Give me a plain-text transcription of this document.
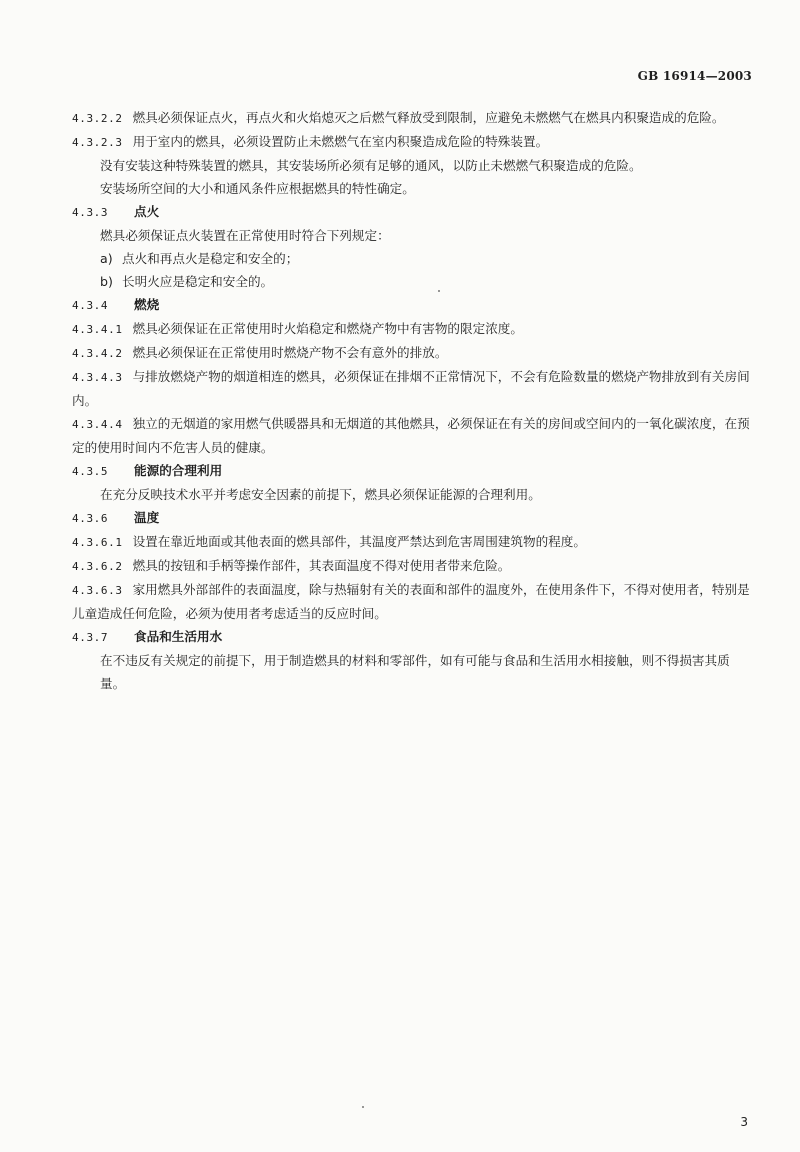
GB 16914—2003

4.3.2.2 燃具必须保证点火，再点火和火焰熄灭之后燃气释放受到限制，应避免未燃燃气在燃具内积聚造成的危险。

4.3.2.3 用于室内的燃具，必须设置防止未燃燃气在室内积聚造成危险的特殊装置。

没有安装这种特殊装置的燃具，其安装场所必须有足够的通风，以防止未燃燃气积聚造成的危险。

安装场所空间的大小和通风条件应根据燃具的特性确定。

4.3.3 点火

燃具必须保证点火装置在正常使用时符合下列规定：

a) 点火和再点火是稳定和安全的；

b) 长明火应是稳定和安全的。

4.3.4 燃烧

4.3.4.1 燃具必须保证在正常使用时火焰稳定和燃烧产物中有害物的限定浓度。

4.3.4.2 燃具必须保证在正常使用时燃烧产物不会有意外的排放。

4.3.4.3 与排放燃烧产物的烟道相连的燃具，必须保证在排烟不正常情况下，不会有危险数量的燃烧产物排放到有关房间内。

4.3.4.4 独立的无烟道的家用燃气供暖器具和无烟道的其他燃具，必须保证在有关的房间或空间内的一氧化碳浓度，在预定的使用时间内不危害人员的健康。

4.3.5 能源的合理利用

在充分反映技术水平并考虑安全因素的前提下，燃具必须保证能源的合理利用。

4.3.6 温度

4.3.6.1 设置在靠近地面或其他表面的燃具部件，其温度严禁达到危害周围建筑物的程度。

4.3.6.2 燃具的按钮和手柄等操作部件，其表面温度不得对使用者带来危险。

4.3.6.3 家用燃具外部部件的表面温度，除与热辐射有关的表面和部件的温度外，在使用条件下，不得对使用者，特别是儿童造成任何危险，必须为使用者考虑适当的反应时间。

4.3.7 食品和生活用水

在不违反有关规定的前提下，用于制造燃具的材料和零部件，如有可能与食品和生活用水相接触，则不得损害其质量。

3
